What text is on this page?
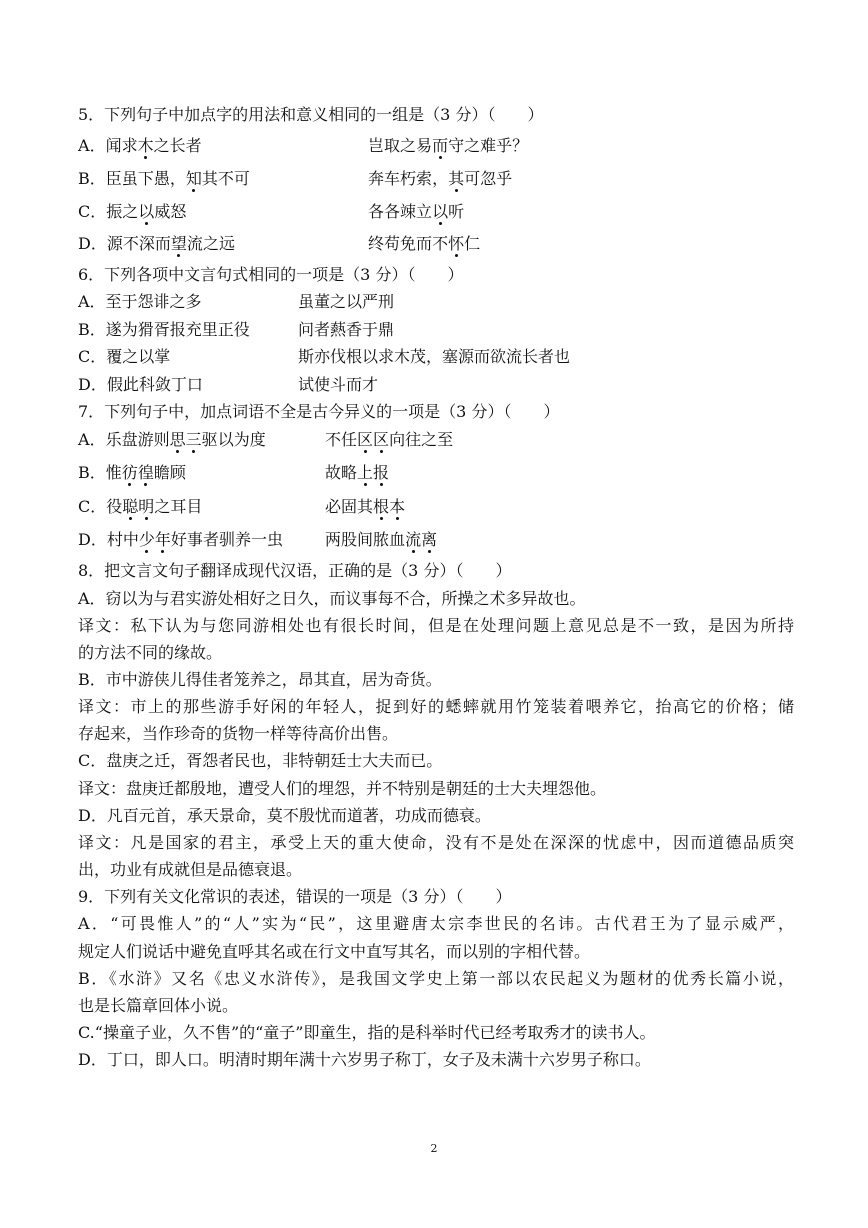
5．下列句子中加点字的用法和意义相同的一组是（3 分）（　　）
A．闻求木之长者	岂取之易而守之难乎？
B．臣虽下愚，知其不可	奔车朽索，其可忽乎
C．振之以威怒	各各竦立以听
D．源不深而望流之远	终苟免而不怀仁
6．下列各项中文言句式相同的一项是（3 分）（　　）
A．至于怨诽之多	虽董之以严刑
B．遂为猾胥报充里正役	问者爇香于鼎
C．覆之以掌	斯亦伐根以求木茂，塞源而欲流长者也
D．假此科敛丁口	试使斗而才
7．下列句子中，加点词语不全是古今异义的一项是（3 分）（　　）
A．乐盘游则思三驱以为度	不任区区向往之至
B．惟彷徨瞻顾	故略上报
C．役聪明之耳目	必固其根本
D．村中少年好事者驯养一虫	两股间脓血流离
8．把文言文句子翻译成现代汉语，正确的是（3 分）（　　）
A．窃以为与君实游处相好之日久，而议事每不合，所操之术多异故也。
译文：私下认为与您同游相处也有很长时间，但是在处理问题上意见总是不一致，是因为所持
的方法不同的缘故。
B．市中游侠儿得佳者笼养之，昂其直，居为奇货。
译文：市上的那些游手好闲的年轻人，捉到好的蟋蟀就用竹笼装着喂养它，抬高它的价格；储
存起来，当作珍奇的货物一样等待高价出售。
C．盘庚之迁，胥怨者民也，非特朝廷士大夫而已。
译文：盘庚迁都殷地，遭受人们的埋怨，并不特别是朝廷的士大夫埋怨他。
D．凡百元首，承天景命，莫不殷忧而道著，功成而德衰。
译文：凡是国家的君主，承受上天的重大使命，没有不是处在深深的忧虑中，因而道德品质突
出，功业有成就但是品德衰退。
9．下列有关文化常识的表述，错误的一项是（3 分）（　　）
A．“可畏惟人”的“人”实为“民”，这里避唐太宗李世民的名讳。古代君王为了显示威严，
规定人们说话中避免直呼其名或在行文中直写其名，而以别的字相代替。
B．《水浒》又名《忠义水浒传》，是我国文学史上第一部以农民起义为题材的优秀长篇小说，
也是长篇章回体小说。
C.“操童子业，久不售”的“童子”即童生，指的是科举时代已经考取秀才的读书人。
D．丁口，即人口。明清时期年满十六岁男子称丁，女子及未满十六岁男子称口。
2
